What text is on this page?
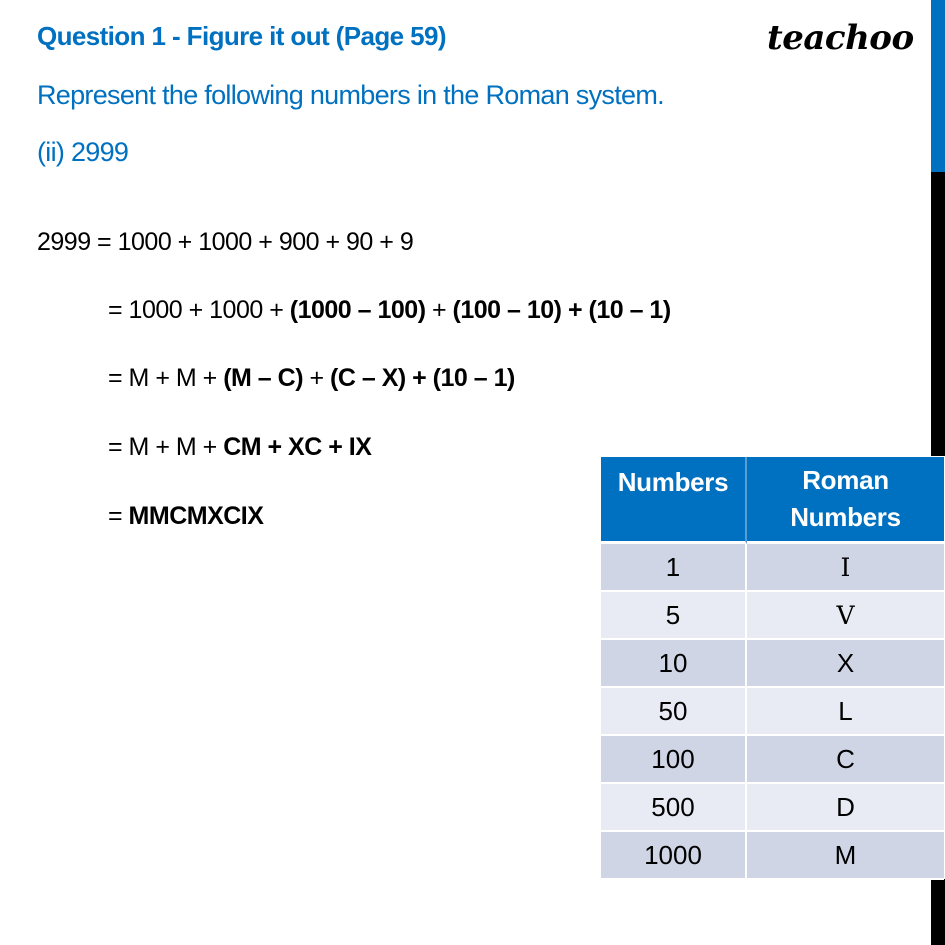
Question 1 - Figure it out (Page 59)	teachoo
Represent the following numbers in the Roman system.
(ii) 2999
2999 = 1000 + 1000 + 900 + 90 + 9
= 1000 + 1000 + (1000 – 100) + (100 – 10) + (10 – 1)
= M + M + (M – C) + (C – X) + (10 – 1)
= M + M + CM + XC + IX
= MMCMXCIX
Numbers	Roman
Numbers
1	I
5	V
10	X
50	L
100	C
500	D
1000	M
